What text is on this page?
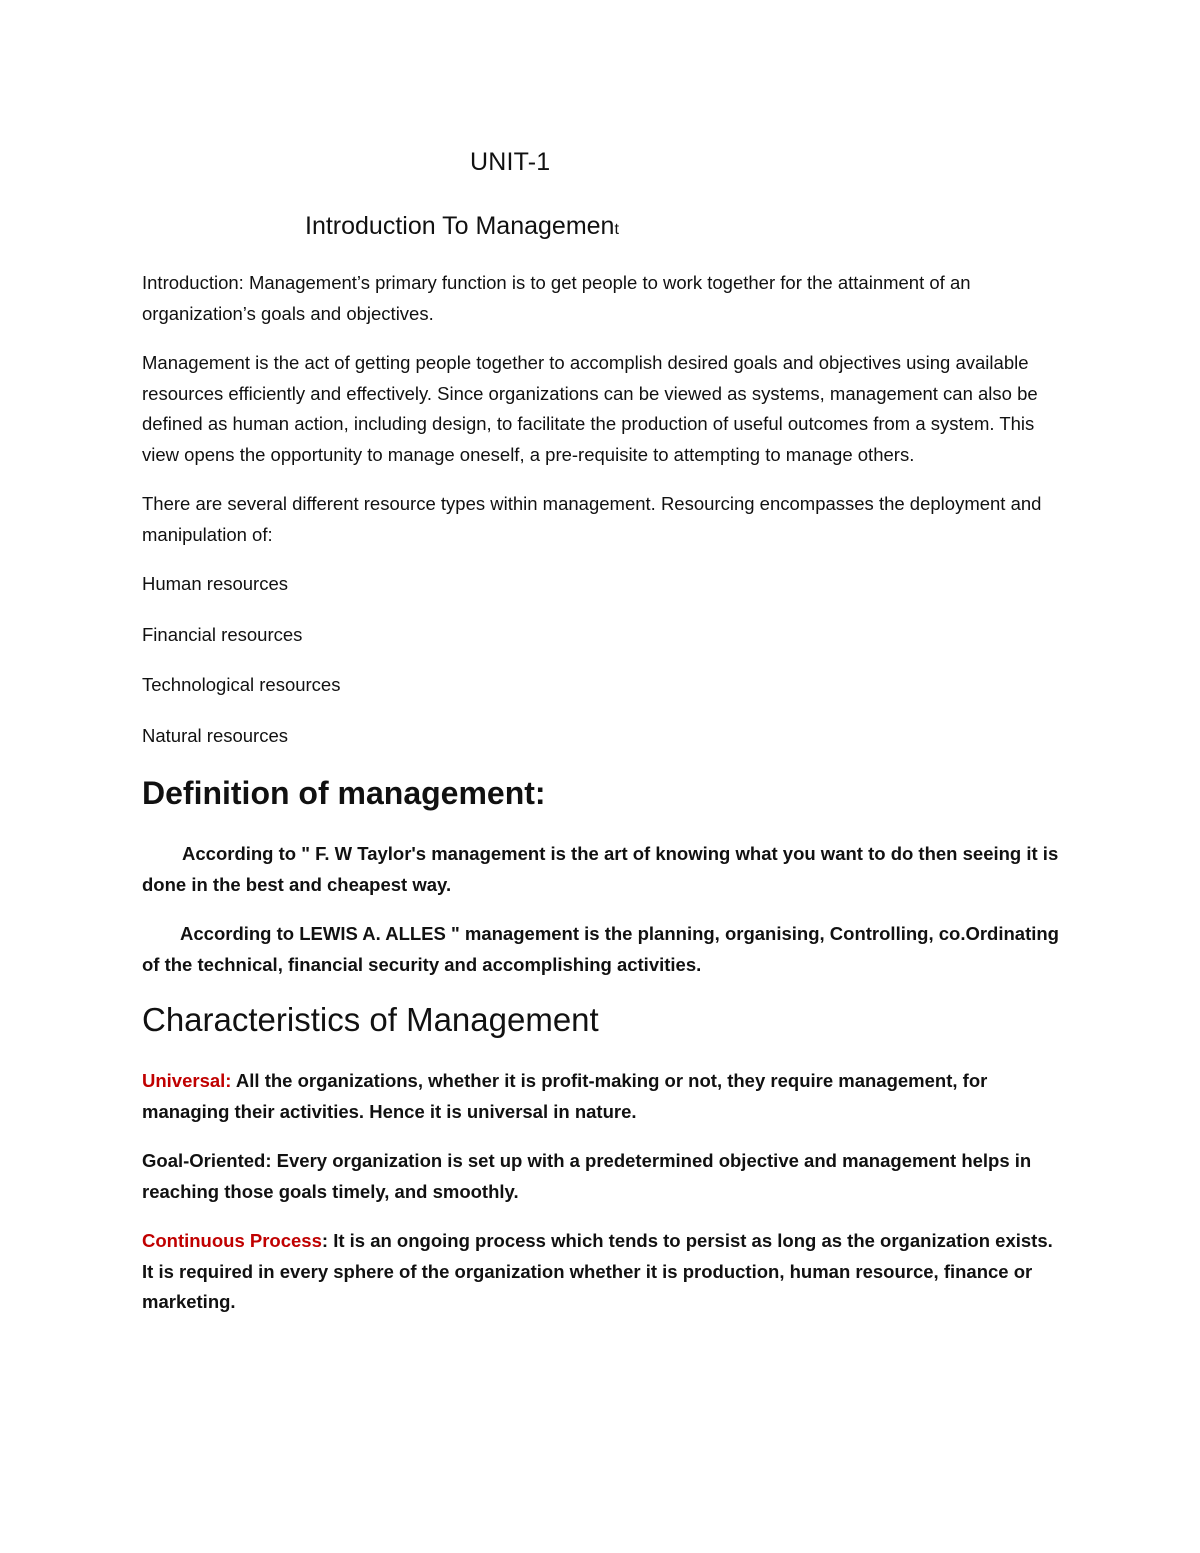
UNIT-1
Introduction To Management

Introduction: Management’s primary function is to get people to work together for the attainment of an organization’s goals and objectives.

Management is the act of getting people together to accomplish desired goals and objectives using available resources efficiently and effectively. Since organizations can be viewed as systems, management can also be defined as human action, including design, to facilitate the production of useful outcomes from a system. This view opens the opportunity to manage oneself, a pre-requisite to attempting to manage others.

There are several different resource types within management. Resourcing encompasses the deployment and manipulation of:

Human resources

Financial resources

Technological resources

Natural resources

Definition of management:

According to " F. W Taylor's management is the art of knowing what you want to do then seeing it is done in the best and cheapest way.

According to LEWIS A. ALLES " management is the planning, organising, Controlling, co.Ordinating of the technical, financial security and accomplishing activities.

Characteristics of Management

Universal: All the organizations, whether it is profit-making or not, they require management, for managing their activities. Hence it is universal in nature.

Goal-Oriented: Every organization is set up with a predetermined objective and management helps in reaching those goals timely, and smoothly.

Continuous Process: It is an ongoing process which tends to persist as long as the organization exists. It is required in every sphere of the organization whether it is production, human resource, finance or marketing.
